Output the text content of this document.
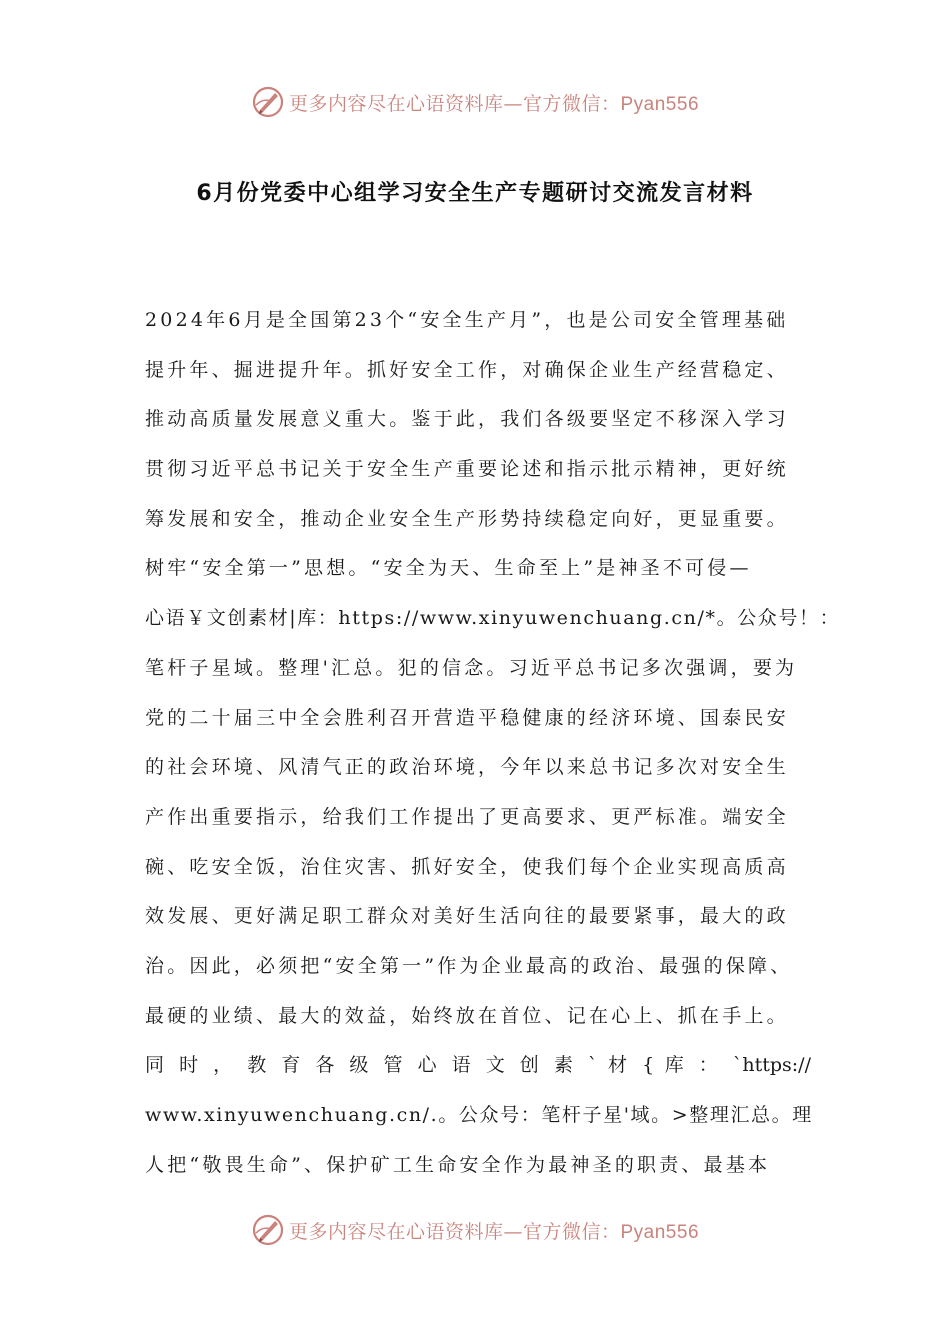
更多内容尽在心语资料库—官方微信：Pyan556
6月份党委中心组学习安全生产专题研讨交流发言材料
2024年6月是全国第23个“安全生产月”，也是公司安全管理基础
提升年、掘进提升年。抓好安全工作，对确保企业生产经营稳定、
推动高质量发展意义重大。鉴于此，我们各级要坚定不移深入学习
贯彻习近平总书记关于安全生产重要论述和指示批示精神，更好统
筹发展和安全，推动企业安全生产形势持续稳定向好，更显重要。
树牢“安全第一”思想。“安全为天、生命至上”是神圣不可侵—
心语￥文创素材|库：https://www.xinyuwenchuang.cn/*。公众号！：
笔杆子星域。整理'汇总。犯的信念。习近平总书记多次强调，要为
党的二十届三中全会胜利召开营造平稳健康的经济环境、国泰民安
的社会环境、风清气正的政治环境，今年以来总书记多次对安全生
产作出重要指示，给我们工作提出了更高要求、更严标准。端安全
碗、吃安全饭，治住灾害、抓好安全，使我们每个企业实现高质高
效发展、更好满足职工群众对美好生活向往的最要紧事，最大的政
治。因此，必须把“安全第一”作为企业最高的政治、最强的保障、
最硬的业绩、最大的效益，始终放在首位、记在心上、抓在手上。
同 时 ， 教 育 各 级 管 心 语 文 创 素 ` 材 { 库 ： `https://
www.xinyuwenchuang.cn/.。公众号：笔杆子星'域。>整理汇总。理
人把“敬畏生命”、保护矿工生命安全作为最神圣的职责、最基本
更多内容尽在心语资料库—官方微信：Pyan556
